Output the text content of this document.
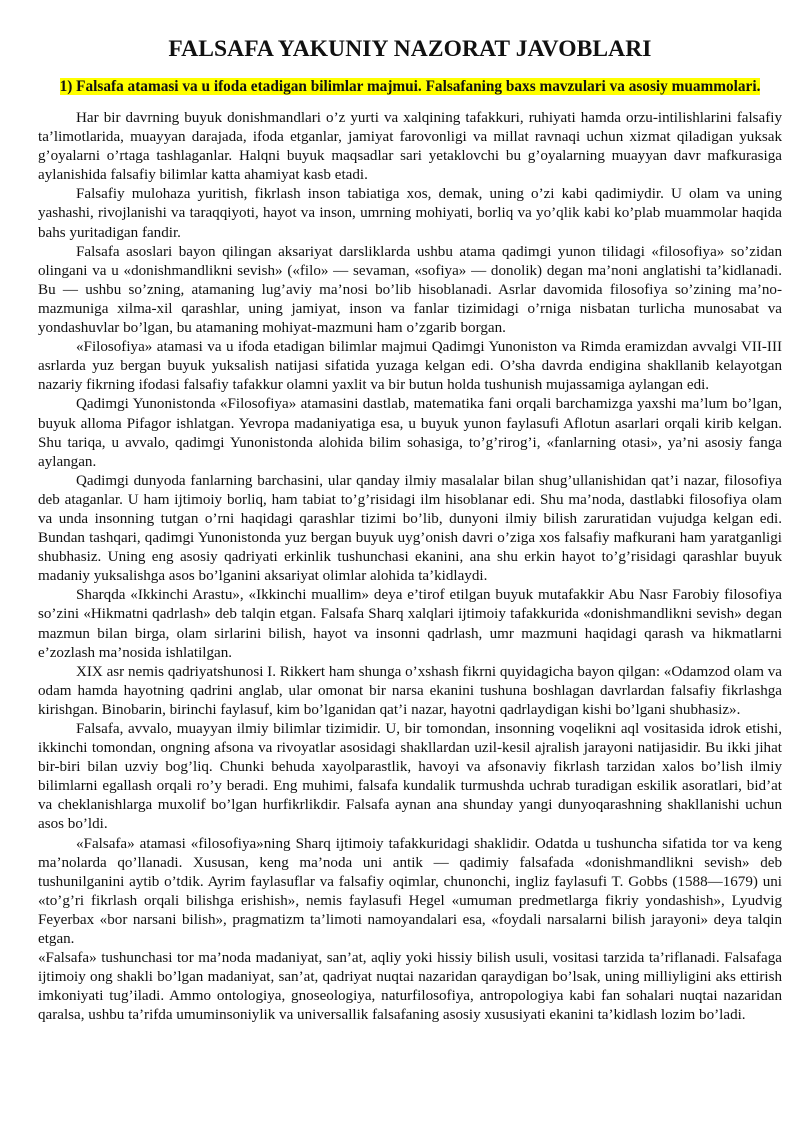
FALSAFA YAKUNIY NAZORAT JAVOBLARI
1) Falsafa atamasi va u ifoda etadigan bilimlar majmui. Falsafaning baxs mavzulari va asosiy muammolari.

Har bir davrning buyuk donishmandlari o’z yurti va xalqining tafakkuri, ruhiyati hamda orzu-intilishlarini falsafiy ta’limotlarida, muayyan darajada, ifoda etganlar, jamiyat farovonligi va millat ravnaqi uchun xizmat qiladigan yuksak g’oyalarni o’rtaga tashlaganlar. Halqni buyuk maqsadlar sari yetaklovchi bu g’oyalarning muayyan davr mafkurasiga aylanishida falsafiy bilimlar katta ahamiyat kasb etadi.

Falsafiy mulohaza yuritish, fikrlash inson tabiatiga xos, demak, uning o’zi kabi qadimiydir. U olam va uning yashashi, rivojlanishi va taraqqiyoti, hayot va inson, umrning mohiyati, borliq va yo’qlik kabi ko’plab muammolar haqida bahs yuritadigan fandir.

Falsafa asoslari bayon qilingan aksariyat darsliklarda ushbu atama qadimgi yunon tilidagi «filosofiya» so’zidan olingani va u «donishmandlikni sevish» («filo» — sevaman, «sofiya» — donolik) degan ma’noni anglatishi ta’kidlanadi. Bu — ushbu so’zning, atamaning lug’aviy ma’nosi bo’lib hisoblanadi. Asrlar davomida filosofiya so’zining ma’no-mazmuniga xilma-xil qarashlar, uning jamiyat, inson va fanlar tizimidagi o’rniga nisbatan turlicha munosabat va yondashuvlar bo’lgan, bu atamaning mohiyat-mazmuni ham o’zgarib borgan.

«Filosofiya» atamasi va u ifoda etadigan bilimlar majmui Qadimgi Yunoniston va Rimda eramizdan avvalgi VII-III asrlarda yuz bergan buyuk yuksalish natijasi sifatida yuzaga kelgan edi. O’sha davrda endigina shakllanib kelayotgan nazariy fikrning ifodasi falsafiy tafakkur olamni yaxlit va bir butun holda tushunish mujassamiga aylangan edi.

Qadimgi Yunonistonda «Filosofiya» atamasini dastlab, matematika fani orqali barchamizga yaxshi ma’lum bo’lgan, buyuk alloma Pifagor ishlatgan. Yevropa madaniyatiga esa, u buyuk yunon faylasufi Aflotun asarlari orqali kirib kelgan. Shu tariqa, u avvalo, qadimgi Yunonistonda alohida bilim sohasiga, to’g’rirog’i, «fanlarning otasi», ya’ni asosiy fanga aylangan.

Qadimgi dunyoda fanlarning barchasini, ular qanday ilmiy masalalar bilan shug’ullanishidan qat’i nazar, filosofiya deb ataganlar. U ham ijtimoiy borliq, ham tabiat to’g’risidagi ilm hisoblanar edi. Shu ma’noda, dastlabki filosofiya olam va unda insonning tutgan o’rni haqidagi qarashlar tizimi bo’lib, dunyoni ilmiy bilish zaruratidan vujudga kelgan edi. Bundan tashqari, qadimgi Yunonistonda yuz bergan buyuk uyg’onish davri o’ziga xos falsafiy mafkurani ham yaratganligi shubhasiz. Uning eng asosiy qadriyati erkinlik tushunchasi ekanini, ana shu erkin hayot to’g’risidagi qarashlar buyuk madaniy yuksalishga asos bo’lganini aksariyat olimlar alohida ta’kidlaydi.

Sharqda «Ikkinchi Arastu», «Ikkinchi muallim» deya e’tirof etilgan buyuk mutafakkir Abu Nasr Farobiy filosofiya so’zini «Hikmatni qadrlash» deb talqin etgan. Falsafa Sharq xalqlari ijtimoiy tafakkurida «donishmandlikni sevish» degan mazmun bilan birga, olam sirlarini bilish, hayot va insonni qadrlash, umr mazmuni haqidagi qarash va hikmatlarni e’zozlash ma’nosida ishlatilgan.

XIX asr nemis qadriyatshunosi I. Rikkert ham shunga o’xshash fikrni quyidagicha bayon qilgan: «Odamzod olam va odam hamda hayotning qadrini anglab, ular omonat bir narsa ekanini tushuna boshlagan davrlardan falsafiy fikrlashga kirishgan. Binobarin, birinchi faylasuf, kim bo’lganidan qat’i nazar, hayotni qadrlaydigan kishi bo’lgani shubhasiz».

Falsafa, avvalo, muayyan ilmiy bilimlar tizimidir. U, bir tomondan, insonning voqelikni aql vositasida idrok etishi, ikkinchi tomondan, ongning afsona va rivoyatlar asosidagi shakllardan uzil-kesil ajralish jarayoni natijasidir. Bu ikki jihat bir-biri bilan uzviy bog’liq. Chunki behuda xayolparastlik, havoyi va afsonaviy fikrlash tarzidan xalos bo’lish ilmiy bilimlarni egallash orqali ro’y beradi. Eng muhimi, falsafa kundalik turmushda uchrab turadigan eskilik asoratlari, bid’at va cheklanishlarga muxolif bo’lgan hurfikrlikdir. Falsafa aynan ana shunday yangi dunyoqarashning shakllanishi uchun asos bo’ldi.

«Falsafa» atamasi «filosofiya»ning Sharq ijtimoiy tafakkuridagi shaklidir. Odatda u tushuncha sifatida tor va keng ma’nolarda qo’llanadi. Xususan, keng ma’noda uni antik — qadimiy falsafada «donishmandlikni sevish» deb tushunilganini aytib o’tdik. Ayrim faylasuflar va falsafiy oqimlar, chunonchi, ingliz faylasufi T. Gobbs (1588—1679) uni «to’g’ri fikrlash orqali bilishga erishish», nemis faylasufi Hegel «umuman predmetlarga fikriy yondashish», Lyudvig Feyerbax «bor narsani bilish», pragmatizm ta’limoti namoyandalari esa, «foydali narsalarni bilish jarayoni» deya talqin etgan.

«Falsafa» tushunchasi tor ma’noda madaniyat, san’at, aqliy yoki hissiy bilish usuli, vositasi tarzida ta’riflanadi. Falsafaga ijtimoiy ong shakli bo’lgan madaniyat, san’at, qadriyat nuqtai nazaridan qaraydigan bo’lsak, uning milliyligini aks ettirish imkoniyati tug’iladi. Ammo ontologiya, gnoseologiya, naturfilosofiya, antropologiya kabi fan sohalari nuqtai nazaridan qaralsa, ushbu ta’rifda umuminsoniylik va universallik falsafaning asosiy xususiyati ekanini ta’kidlash lozim bo’ladi.
